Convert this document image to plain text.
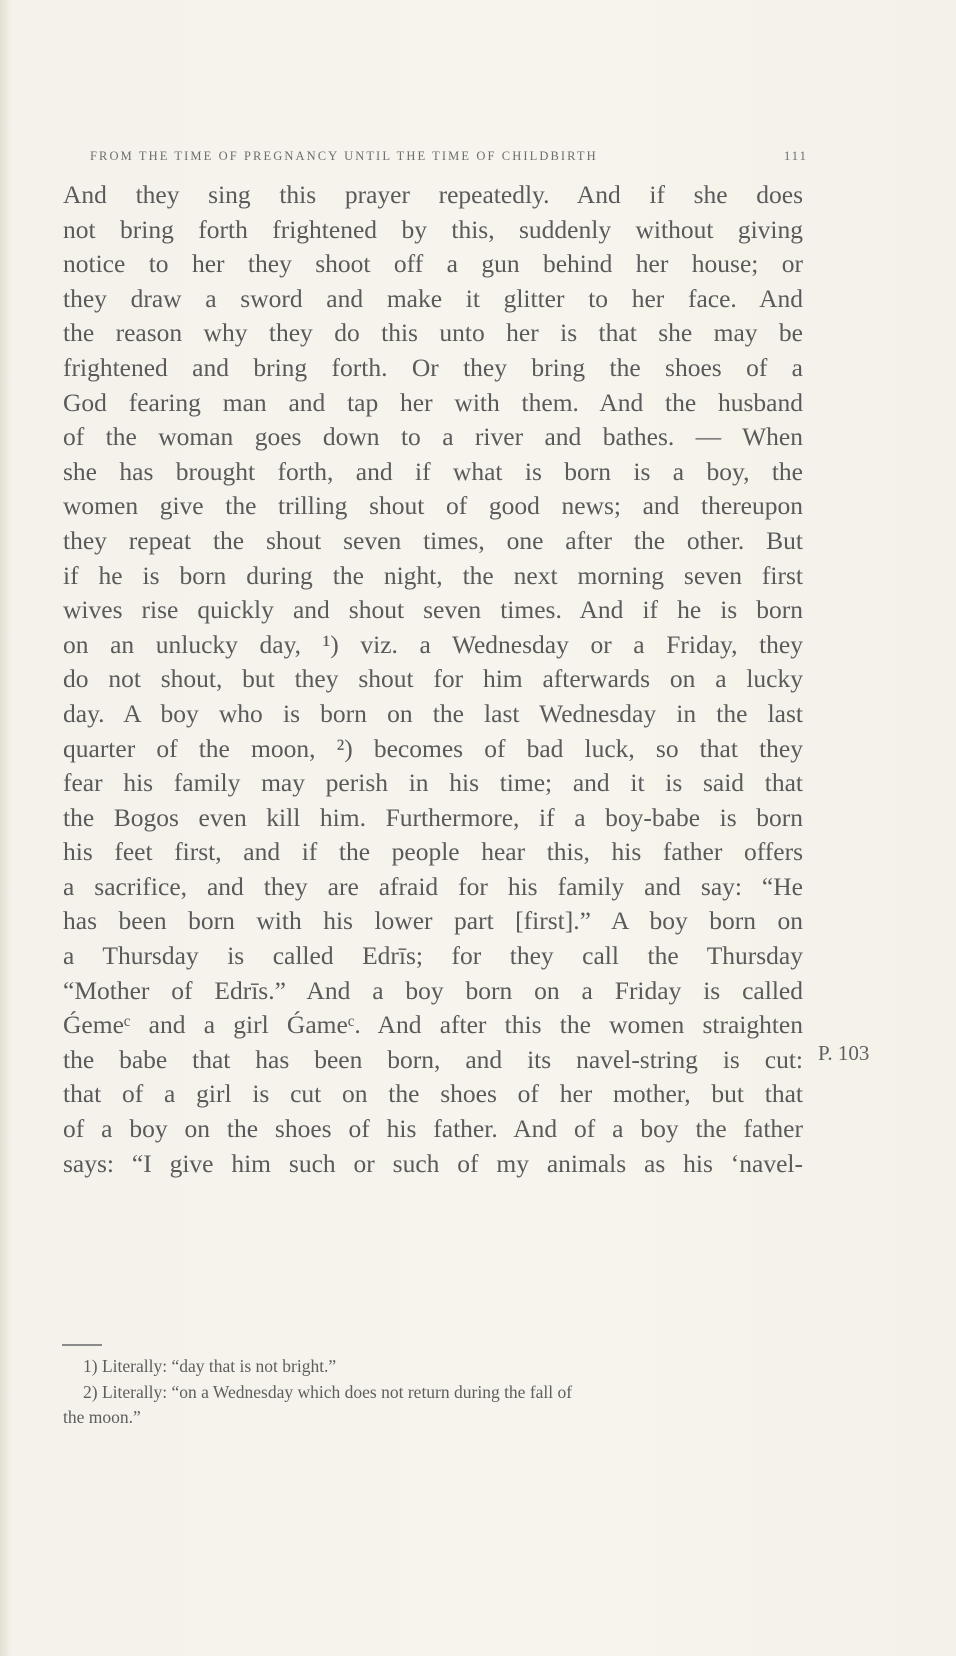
FROM THE TIME OF PREGNANCY UNTIL THE TIME OF CHILDBIRTH	111
And they sing this prayer repeatedly. And if she does
not bring forth frightened by this, suddenly without giving
notice to her they shoot off a gun behind her house; or
they draw a sword and make it glitter to her face. And
the reason why they do this unto her is that she may be
frightened and bring forth. Or they bring the shoes of a
God fearing man and tap her with them. And the husband
of the woman goes down to a river and bathes. — When
she has brought forth, and if what is born is a boy, the
women give the trilling shout of good news; and thereupon
they repeat the shout seven times, one after the other. But
if he is born during the night, the next morning seven first
wives rise quickly and shout seven times. And if he is born
on an unlucky day, ¹) viz. a Wednesday or a Friday, they
do not shout, but they shout for him afterwards on a lucky
day. A boy who is born on the last Wednesday in the last
quarter of the moon, ²) becomes of bad luck, so that they
fear his family may perish in his time; and it is said that
the Bogos even kill him. Furthermore, if a boy-babe is born
his feet first, and if the people hear this, his father offers
a sacrifice, and they are afraid for his family and say: “He
has been born with his lower part [first].” A boy born on
a Thursday is called Edrīs; for they call the Thursday
“Mother of Edrīs.” And a boy born on a Friday is called
Ǵemeᶜ and a girl Ǵameᶜ. And after this the women straighten
the babe that has been born, and its navel-string is cut:
that of a girl is cut on the shoes of her mother, but that
of a boy on the shoes of his father. And of a boy the father
says: “I give him such or such of my animals as his ‘navel-
P. 103
1) Literally: “day that is not bright.”
2) Literally: “on a Wednesday which does not return during the fall of
the moon.”
